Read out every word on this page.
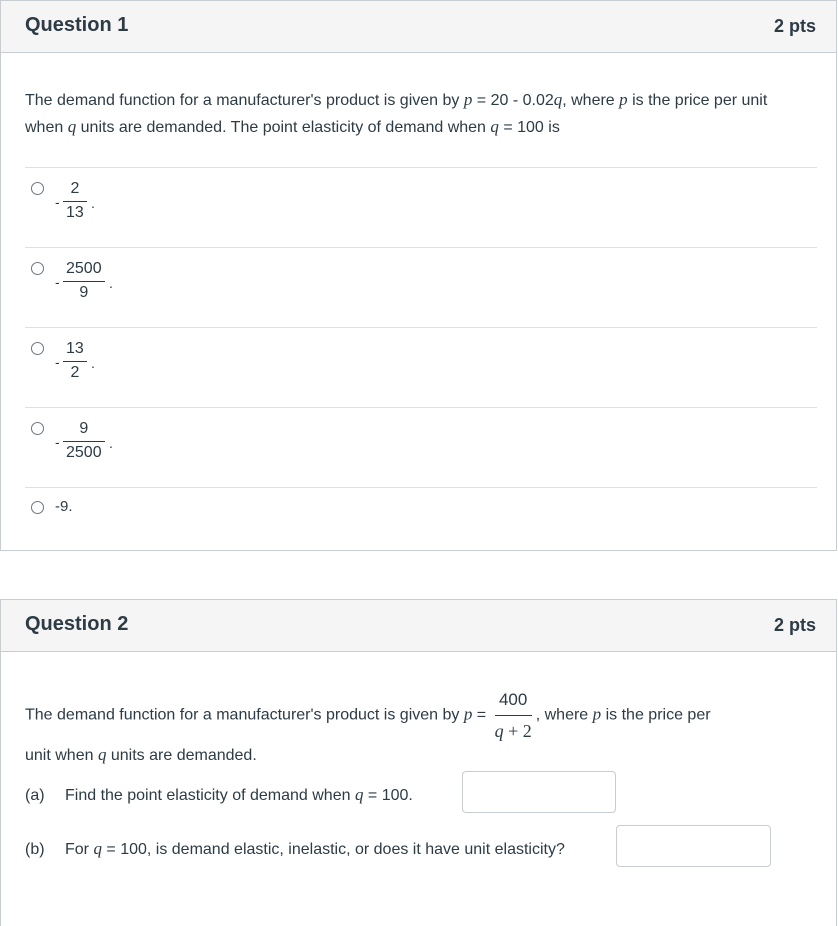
Question 1	2 pts
The demand function for a manufacturer's product is given by p = 20 - 0.02q, where p is the price per unit when q units are demanded. The point elasticity of demand when q = 100 is
-
2
13
.
-
2500
9
.
-
13
2
.
-
9
2500
.
-9.
Question 2	2 pts
The demand function for a manufacturer's product is given by $p = \frac{400}{q + 2}$ , where p is the price per
unit when q units are demanded.
(a) Find the point elasticity of demand when q = 100.
(b) For q = 100, is demand elastic, inelastic, or does it have unit elasticity?
